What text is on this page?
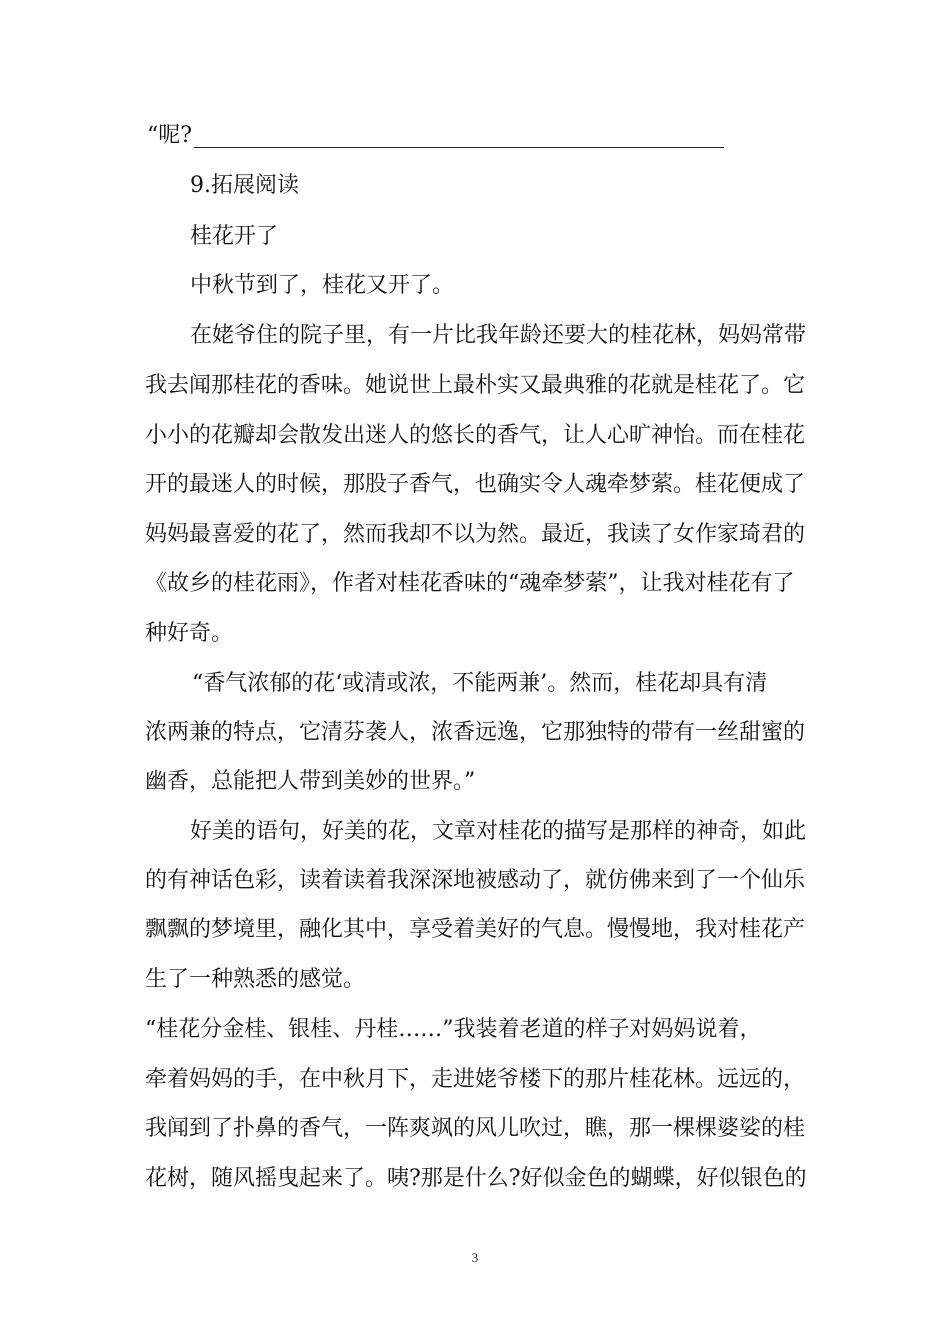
“呢?
9.拓展阅读
桂花开了
中秋节到了，桂花又开了。
在姥爷住的院子里，有一片比我年龄还要大的桂花林，妈妈常带
我去闻那桂花的香味。她说世上最朴实又最典雅的花就是桂花了。它
小小的花瓣却会散发出迷人的悠长的香气，让人心旷神怡。而在桂花
开的最迷人的时候，那股子香气，也确实令人魂牵梦萦。桂花便成了
妈妈最喜爱的花了，然而我却不以为然。最近，我读了女作家琦君的
《故乡的桂花雨》，作者对桂花香味的“魂牵梦萦”，让我对桂花有了
种好奇。
“香气浓郁的花‘或清或浓，不能两兼’。然而，桂花却具有清
浓两兼的特点，它清芬袭人，浓香远逸，它那独特的带有一丝甜蜜的
幽香，总能把人带到美妙的世界。”
好美的语句，好美的花，文章对桂花的描写是那样的神奇，如此
的有神话色彩，读着读着我深深地被感动了，就仿佛来到了一个仙乐
飘飘的梦境里，融化其中，享受着美好的气息。慢慢地，我对桂花产
生了一种熟悉的感觉。
“桂花分金桂、银桂、丹桂……”我装着老道的样子对妈妈说着，
牵着妈妈的手，在中秋月下，走进姥爷楼下的那片桂花林。远远的，
我闻到了扑鼻的香气，一阵爽飒的风儿吹过，瞧，那一棵棵婆娑的桂
花树，随风摇曳起来了。咦?那是什么?好似金色的蝴蝶，好似银色的
3
